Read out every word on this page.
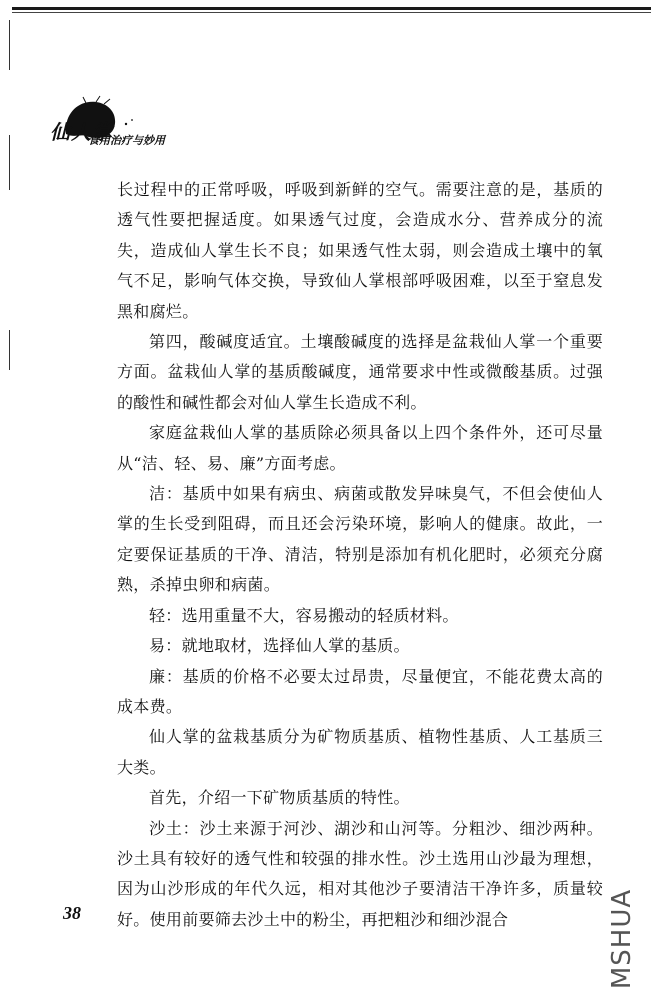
仙人掌
食用治疗与妙用

长过程中的正常呼吸，呼吸到新鲜的空气。需要注意的是，基质的透气性要把握适度。如果透气过度，会造成水分、营养成分的流失，造成仙人掌生长不良；如果透气性太弱，则会造成土壤中的氧气不足，影响气体交换，导致仙人掌根部呼吸困难，以至于窒息发黑和腐烂。

第四，酸碱度适宜。土壤酸碱度的选择是盆栽仙人掌一个重要方面。盆栽仙人掌的基质酸碱度，通常要求中性或微酸基质。过强的酸性和碱性都会对仙人掌生长造成不利。

家庭盆栽仙人掌的基质除必须具备以上四个条件外，还可尽量从“洁、轻、易、廉”方面考虑。

洁：基质中如果有病虫、病菌或散发异味臭气，不但会使仙人掌的生长受到阻碍，而且还会污染环境，影响人的健康。故此，一定要保证基质的干净、清洁，特别是添加有机化肥时，必须充分腐熟，杀掉虫卵和病菌。

轻：选用重量不大，容易搬动的轻质材料。

易：就地取材，选择仙人掌的基质。

廉：基质的价格不必要太过昂贵，尽量便宜，不能花费太高的成本费。

仙人掌的盆栽基质分为矿物质基质、植物性基质、人工基质三大类。

首先，介绍一下矿物质基质的特性。

沙土：沙土来源于河沙、湖沙和山河等。分粗沙、细沙两种。沙土具有较好的透气性和较强的排水性。沙土选用山沙最为理想，因为山沙形成的年代久远，相对其他沙子要清洁干净许多，质量较好。使用前要筛去沙土中的粉尘，再把粗沙和细沙混合

38	MSHUA
